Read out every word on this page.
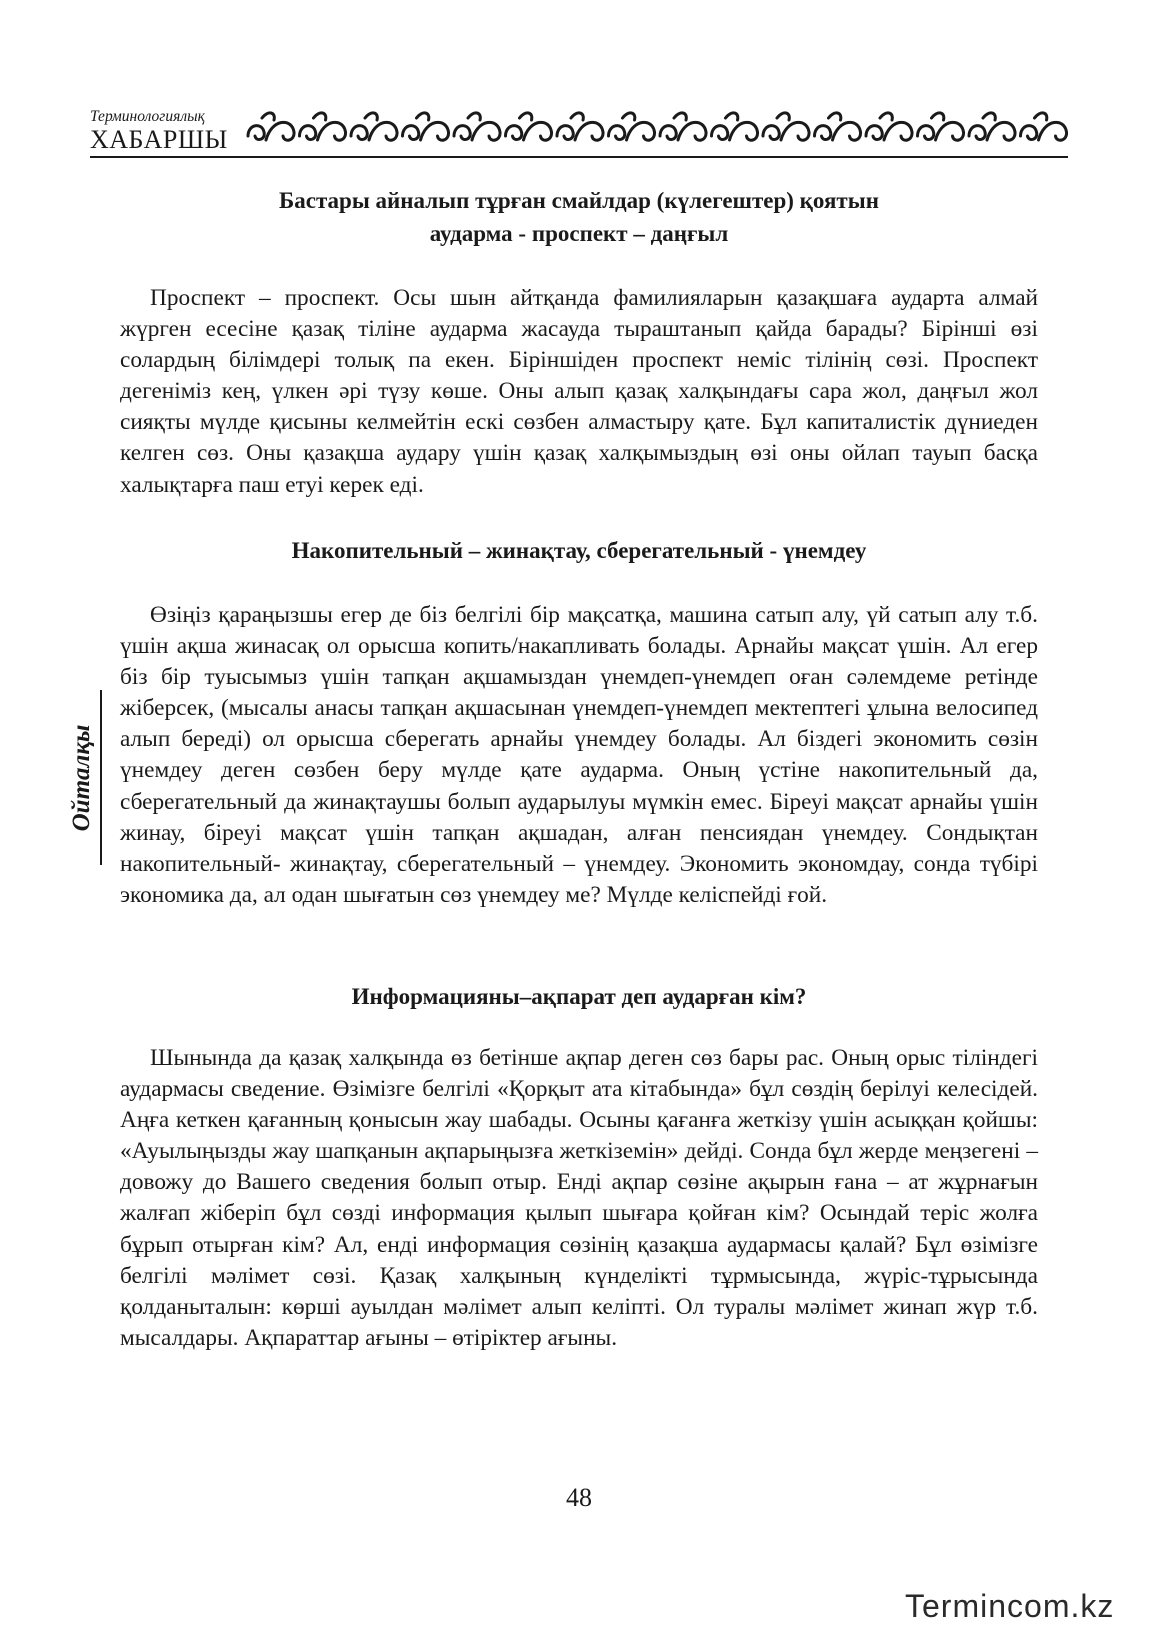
Терминологиялық
ХАБАРШЫ
Ойталқы
Бастары айналып тұрған смайлдар (күлегештер) қоятын
аударма - проспект – даңғыл

Проспект – проспект. Осы шын айтқанда фамилияларын қазақшаға аудартa алмай жүрген есесіне қазақ тіліне аударма жасауда тыраштанып қайда барады? Бірінші өзі солардың білімдері толық па екен. Біріншіден проспект неміс тілінің сөзі. Проспект дегеніміз кең, үлкен әрі түзу көше. Оны алып қазақ халқындағы сара жол, даңғыл жол сияқты мүлде қисыны келмейтін ескі сөзбен алмастыру қате. Бұл капиталистік дүниеден келген сөз. Оны қазақша аудару үшін қазақ халқымыздың өзі оны ойлап тауып басқа халықтарға паш етуі керек еді.

Накопительный – жинақтау, сберегательный - үнемдеу

Өзіңіз қараңызшы егер де біз белгілі бір мақсатқа, машина сатып алу, үй сатып алу т.б. үшін ақша жинасақ ол орысша копить/накапливать болады. Арнайы мақсат үшін. Ал егер біз бір туысымыз үшін тапқан ақшамыздан үнемдеп-үнемдеп оған сәлемдеме ретінде жіберсек, (мысалы анасы тапқан ақшасынан үнемдеп-үнемдеп мектептегі ұлына велосипед алып береді) ол орысша сберегать арнайы үнемдеу болады. Ал біздегі экономить сөзін үнемдеу деген сөзбен беру мүлде қате аударма. Оның үстіне накопительный да, сберегательный да жинақтаушы болып аударылуы мүмкін емес. Біреуі мақсат арнайы үшін жинау, біреуі мақсат үшін тапқан ақшадан, алған пенсиядан үнемдеу. Сондықтан накопительный- жинақтау, сберегательный – үнемдеу. Экономить экономдау, сонда түбірі экономика да, ал одан шығатын сөз үнемдеу ме? Мүлде келіспейді ғой.

Информацияны–ақпарат деп аударған кім?

Шынында да қазақ халқында өз бетінше ақпар деген сөз бары рас. Оның орыс тіліндегі аудармасы сведение. Өзімізге белгілі «Қорқыт ата кітабында» бұл сөздің берілуі келесідей. Аңға кеткен қағанның қонысын жау шабады. Осыны қағанға жеткізу үшін асыққан қойшы: «Ауылыңызды жау шапқанын ақпарыңызға жеткіземін» дейді. Сонда бұл жерде меңзегені – довожу до Вашего сведения болып отыр. Енді ақпар сөзіне ақырын ғана – ат жұрнағын жалғап жіберіп бұл сөзді информация қылып шығара қойған кім? Осындай теріс жолға бұрып отырған кім? Ал, енді информация сөзінің қазақша аудармасы қалай? Бұл өзімізге белгілі мәлімет сөзі. Қазақ халқының күнделікті тұрмысында, жүріс-тұрысында қолданыталын: көрші ауылдан мәлімет алып келіпті. Ол туралы мәлімет жинап жүр т.б. мысалдары. Ақпараттар ағыны – өтіріктер ағыны.

48
Termincom.kz
